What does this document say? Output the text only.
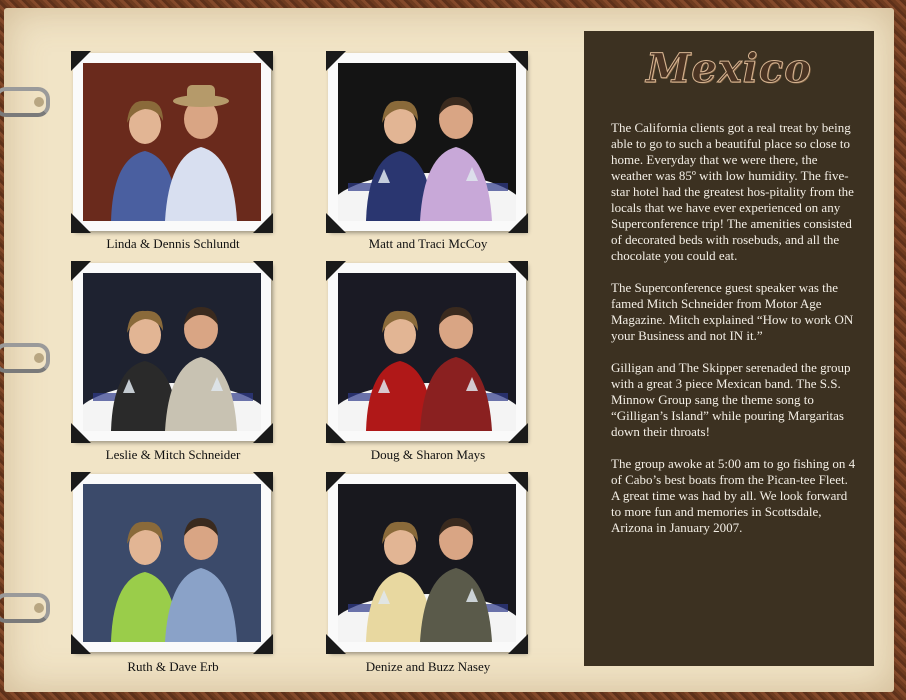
Linda & Dennis Schlundt	Matt and Traci McCoy
Leslie & Mitch Schneider	Doug & Sharon Mays
Ruth & Dave Erb	Denize and Buzz Nasey
Mexico

The California clients got a real treat by being able to go to such a beautiful place so close to home. Everyday that we were there, the weather was 85º with low humidity. The five-star hotel had the greatest hos-pitality from the locals that we have ever experienced on any Superconference trip! The amenities consisted of decorated beds with rosebuds, and all the chocolate you could eat.

The Superconference guest speaker was the famed Mitch Schneider from Motor Age Magazine. Mitch explained “How to work ON your Business and not IN it.”

Gilligan and The Skipper serenaded the group with a great 3 piece Mexican band. The S.S. Minnow Group sang the theme song to “Gilligan’s Island” while pouring Margaritas down their throats!

The group awoke at 5:00 am to go fishing on 4 of Cabo’s best boats from the Pican-tee Fleet. A great time was had by all. We look forward to more fun and memories in Scottsdale, Arizona in January 2007.
